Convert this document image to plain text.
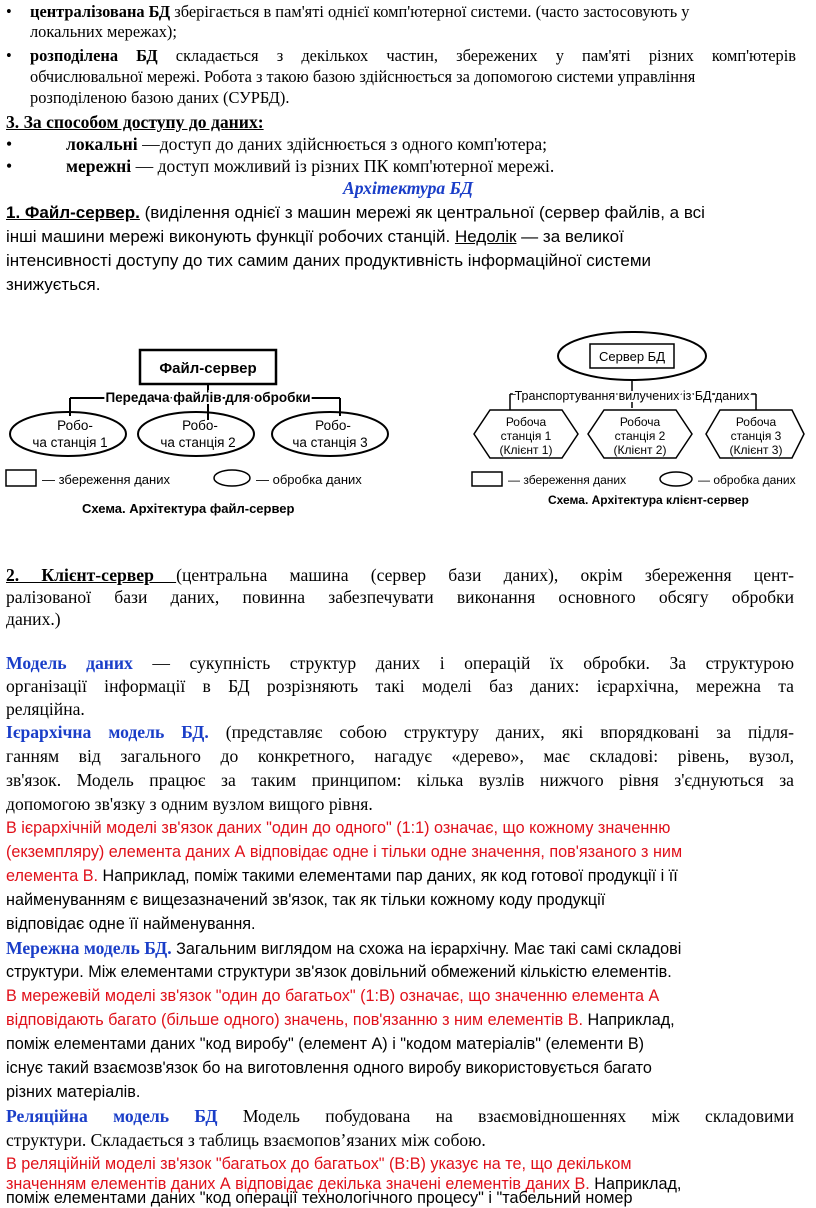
• централізована БД зберігається в пам'яті однієї комп'ютерної системи. (часто застосовують у
локальних мережах);
• розподілена БД складається з декількох частин, збережених у пам'яті різних комп'ютерів
обчислювальної мережі. Робота з такою базою здійснюється за допомогою системи управління
розподіленою базою даних (СУРБД).
3. За способом доступу до даних:
•	локальні —доступ до даних здійснюється з одного комп'ютера;
•	мережні — доступ можливий із різних ПК комп'ютерної мережі.
Архітектура БД
1. Файл-сервер. (виділення однієї з машин мережі як центральної (сервер файлів, а всі
інші машини мережі виконують функції робочих станцій. Недолік — за великої
інтенсивності доступу до тих самим даних продуктивність інформаційної системи
знижується.
Файл-сервер
Передача файлів для обробки
Робо-
ча станція 1
Робо-
ча станція 2
Робо-
ча станція 3
— збереження даних	— обробка даних
Схема. Архітектура файл-сервер
Сервер БД
Транспортування вилучених із БД даних
Робоча
станція 1
(Клієнт 1)
Робоча
станція 2
(Клієнт 2)
Робоча
станція 3
(Клієнт 3)
— збереження даних	— обробка даних
Схема. Архітектура клієнт-сервер
2. Клієнт-сервер (центральна машина (сервер бази даних), окрім збереження цент-
ралізованої бази даних, повинна забезпечувати виконання основного обсягу обробки
даних.)
Модель даних — сукупність структур даних і операцій їх обробки. За структурою
організації інформації в БД розрізняють такі моделі баз даних: ієрархічна, мережна та
реляційна.
Ієрархічна модель БД. (представляє собою структуру даних, які впорядковані за підля-
ганням від загального до конкретного, нагадує «дерево», має складові: рівень, вузол,
зв'язок. Модель працює за таким принципом: кілька вузлів нижчого рівня з'єднуються за
допомогою зв'язку з одним вузлом вищого рівня.
В ієрархічній моделі зв'язок даних "один до одного" (1:1) означає, що кожному значенню
(екземпляру) елемента даних А відповідає одне і тільки одне значення, пов'язаного з ним
елемента В. Наприклад, поміж такими елементами пар даних, як код готової продукції і її
найменуванням є вищезазначений зв'язок, так як тільки кожному коду продукції
відповідає одне її найменування.
Мережна модель БД. Загальним виглядом на схожа на ієрархічну. Має такі самі складові
структури. Між елементами структури зв'язок довільний обмежений кількістю елементів.
В мережевій моделі зв'язок "один до багатьох" (1:В) означає, що значенню елемента А
відповідають багато (більше одного) значень, пов'язанню з ним елементів В. Наприклад,
поміж елементами даних "код виробу" (елемент А) і "кодом матеріалів" (елементи В)
існує такий взаємозв'язок бо на виготовлення одного виробу використовується багато
різних матеріалів.
Реляційна модель БД Модель побудована на взаємовідношеннях між складовими
структури. Складається з таблиць взаємопов’язаних між собою.
В реляційній моделі зв'язок "багатьох до багатьох" (В:В) указує на те, що декільком
значенням елементів даних А відповідає декілька значені елементів даних В. Наприклад,
поміж елементами даних "код операції технологічного процесу" і "табельний номер
